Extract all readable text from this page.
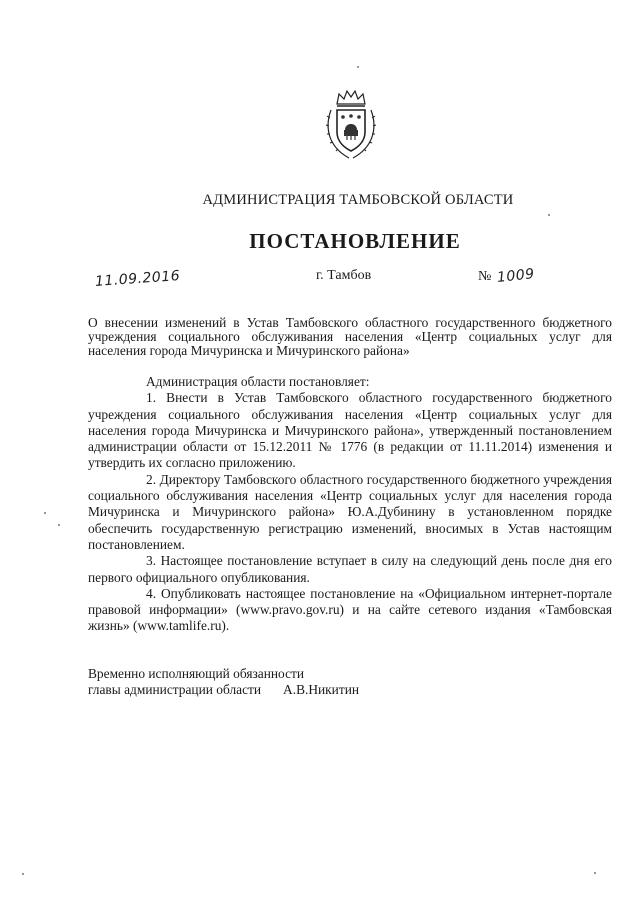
АДМИНИСТРАЦИЯ ТАМБОВСКОЙ ОБЛАСТИ
ПОСТАНОВЛЕНИЕ
11.09.2016	г. Тамбов	№ 1009
О внесении изменений в Устав Тамбовского областного государственного бюджетного учреждения социального обслуживания населения «Центр социальных услуг для населения города Мичуринска и Мичуринского района»

Администрация области постановляет:

1. Внести в Устав Тамбовского областного государственного бюджетного учреждения социального обслуживания населения «Центр социальных услуг для населения города Мичуринска и Мичуринского района», утвержденный постановлением администрации области от 15.12.2011 № 1776 (в редакции от 11.11.2014) изменения и утвердить их согласно приложению.

2. Директору Тамбовского областного государственного бюджетного учреждения социального обслуживания населения «Центр социальных услуг для населения города Мичуринска и Мичуринского района» Ю.А.Дубинину в установленном порядке обеспечить государственную регистрацию изменений, вносимых в Устав настоящим постановлением.

3. Настоящее постановление вступает в силу на следующий день после дня его первого официального опубликования.

4. Опубликовать настоящее постановление на «Официальном интернет-портале правовой информации» (www.pravo.gov.ru) и на сайте сетевого издания «Тамбовская жизнь» (www.tamlife.ru).

Временно исполняющий обязанности
главы администрации области А.В.Никитин
